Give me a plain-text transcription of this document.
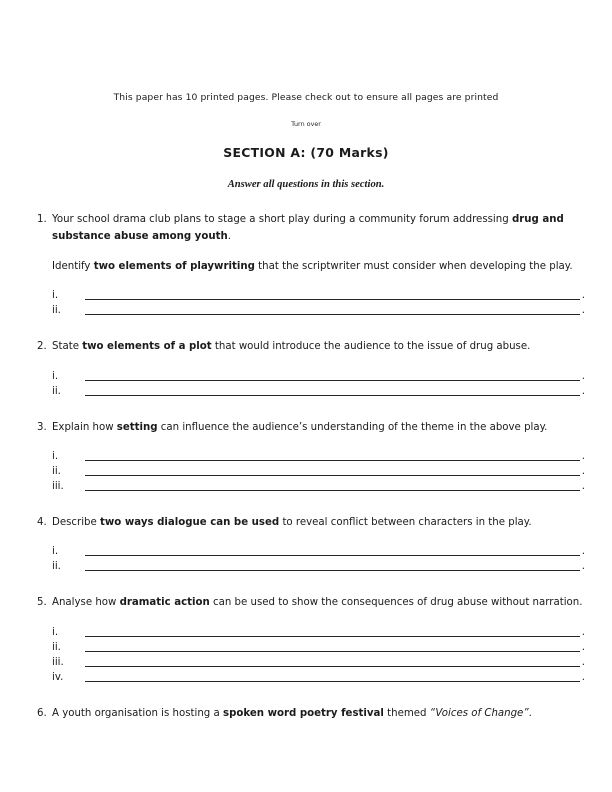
This paper has 10 printed pages. Please check out to ensure all pages are printed
Turn over
SECTION A: (70 Marks)
Answer all questions in this section.
1. Your school drama club plans to stage a short play during a community forum addressing drug and substance abuse among youth.

Identify two elements of playwriting that the scriptwriter must consider when developing the play.

i.	.
ii.	.
2. State two elements of a plot that would introduce the audience to the issue of drug abuse.

i.	.
ii.	.
3. Explain how setting can influence the audience’s understanding of the theme in the above play.

i.	.
ii.	.
iii.	.
4. Describe two ways dialogue can be used to reveal conflict between characters in the play.

i.	.
ii.	.
5. Analyse how dramatic action can be used to show the consequences of drug abuse without narration.

i.	.
ii.	.
iii.	.
iv.	.
6. A youth organisation is hosting a spoken word poetry festival themed “Voices of Change”.
